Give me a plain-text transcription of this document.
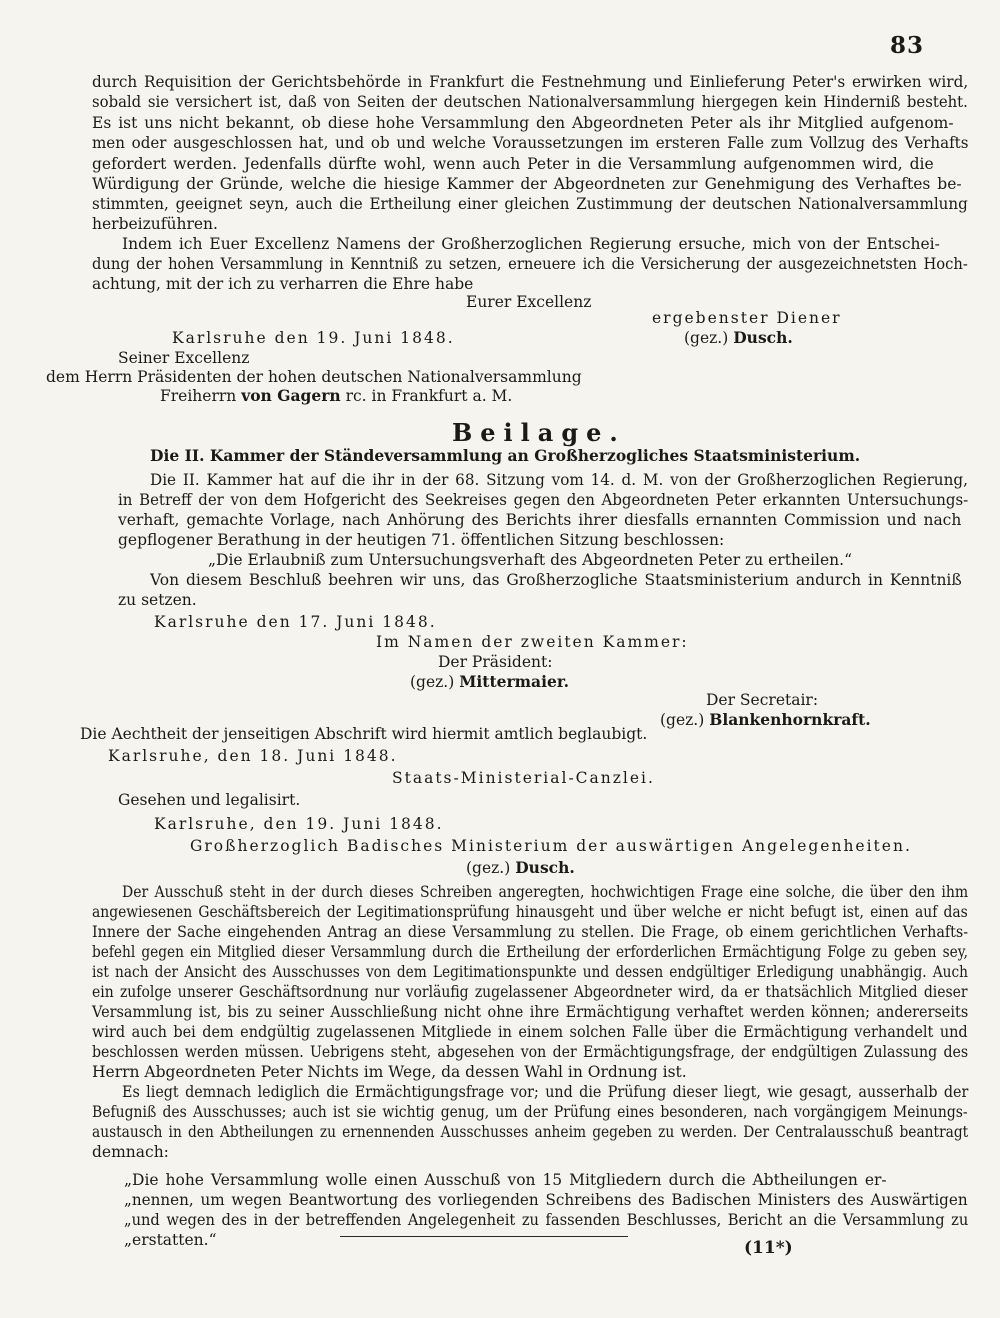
83
durch Requisition der Gerichtsbehörde in Frankfurt die Festnehmung und Einlieferung Peter's erwirken wird,
sobald sie versichert ist, daß von Seiten der deutschen Nationalversammlung hiergegen kein Hinderniß besteht.
Es ist uns nicht bekannt, ob diese hohe Versammlung den Abgeordneten Peter als ihr Mitglied aufgenom-
men oder ausgeschlossen hat, und ob und welche Voraussetzungen im ersteren Falle zum Vollzug des Verhafts
gefordert werden. Jedenfalls dürfte wohl, wenn auch Peter in die Versammlung aufgenommen wird, die
Würdigung der Gründe, welche die hiesige Kammer der Abgeordneten zur Genehmigung des Verhaftes be-
stimmten, geeignet seyn, auch die Ertheilung einer gleichen Zustimmung der deutschen Nationalversammlung
herbeizuführen.
Indem ich Euer Excellenz Namens der Großherzoglichen Regierung ersuche, mich von der Entschei-
dung der hohen Versammlung in Kenntniß zu setzen, erneuere ich die Versicherung der ausgezeichnetsten Hoch-
achtung, mit der ich zu verharren die Ehre habe
Eurer Excellenz
ergebenster Diener
Karlsruhe den 19. Juni 1848.	(gez.) Dusch.
Seiner Excellenz
dem Herrn Präsidenten der hohen deutschen Nationalversammlung
Freiherrn von Gagern rc. in Frankfurt a. M.
Beilage.
Die II. Kammer der Ständeversammlung an Großherzogliches Staatsministerium.
Die II. Kammer hat auf die ihr in der 68. Sitzung vom 14. d. M. von der Großherzoglichen Regierung,
in Betreff der von dem Hofgericht des Seekreises gegen den Abgeordneten Peter erkannten Untersuchungs-
verhaft, gemachte Vorlage, nach Anhörung des Berichts ihrer diesfalls ernannten Commission und nach
gepflogener Berathung in der heutigen 71. öffentlichen Sitzung beschlossen:
„Die Erlaubniß zum Untersuchungsverhaft des Abgeordneten Peter zu ertheilen.“
Von diesem Beschluß beehren wir uns, das Großherzogliche Staatsministerium andurch in Kenntniß
zu setzen.
Karlsruhe den 17. Juni 1848.
Im Namen der zweiten Kammer:
Der Präsident:
(gez.) Mittermaier.
Der Secretair:
(gez.) Blankenhornkraft.
Die Aechtheit der jenseitigen Abschrift wird hiermit amtlich beglaubigt.
Karlsruhe, den 18. Juni 1848.
Staats-Ministerial-Canzlei.
Gesehen und legalisirt.
Karlsruhe, den 19. Juni 1848.
Großherzoglich Badisches Ministerium der auswärtigen Angelegenheiten.
(gez.) Dusch.
Der Ausschuß steht in der durch dieses Schreiben angeregten, hochwichtigen Frage eine solche, die über den ihm
angewiesenen Geschäftsbereich der Legitimationsprüfung hinausgeht und über welche er nicht befugt ist, einen auf das
Innere der Sache eingehenden Antrag an diese Versammlung zu stellen. Die Frage, ob einem gerichtlichen Verhafts-
befehl gegen ein Mitglied dieser Versammlung durch die Ertheilung der erforderlichen Ermächtigung Folge zu geben sey,
ist nach der Ansicht des Ausschusses von dem Legitimationspunkte und dessen endgültiger Erledigung unabhängig. Auch
ein zufolge unserer Geschäftsordnung nur vorläufig zugelassener Abgeordneter wird, da er thatsächlich Mitglied dieser
Versammlung ist, bis zu seiner Ausschließung nicht ohne ihre Ermächtigung verhaftet werden können; andererseits
wird auch bei dem endgültig zugelassenen Mitgliede in einem solchen Falle über die Ermächtigung verhandelt und
beschlossen werden müssen. Uebrigens steht, abgesehen von der Ermächtigungsfrage, der endgültigen Zulassung des
Herrn Abgeordneten Peter Nichts im Wege, da dessen Wahl in Ordnung ist.
Es liegt demnach lediglich die Ermächtigungsfrage vor; und die Prüfung dieser liegt, wie gesagt, ausserhalb der
Befugniß des Ausschusses; auch ist sie wichtig genug, um der Prüfung eines besonderen, nach vorgängigem Meinungs-
austausch in den Abtheilungen zu ernennenden Ausschusses anheim gegeben zu werden. Der Centralausschuß beantragt
demnach:
„Die hohe Versammlung wolle einen Ausschuß von 15 Mitgliedern durch die Abtheilungen er-
„nennen, um wegen Beantwortung des vorliegenden Schreibens des Badischen Ministers des Auswärtigen
„und wegen des in der betreffenden Angelegenheit zu fassenden Beschlusses, Bericht an die Versammlung zu
„erstatten.“	(11*)
